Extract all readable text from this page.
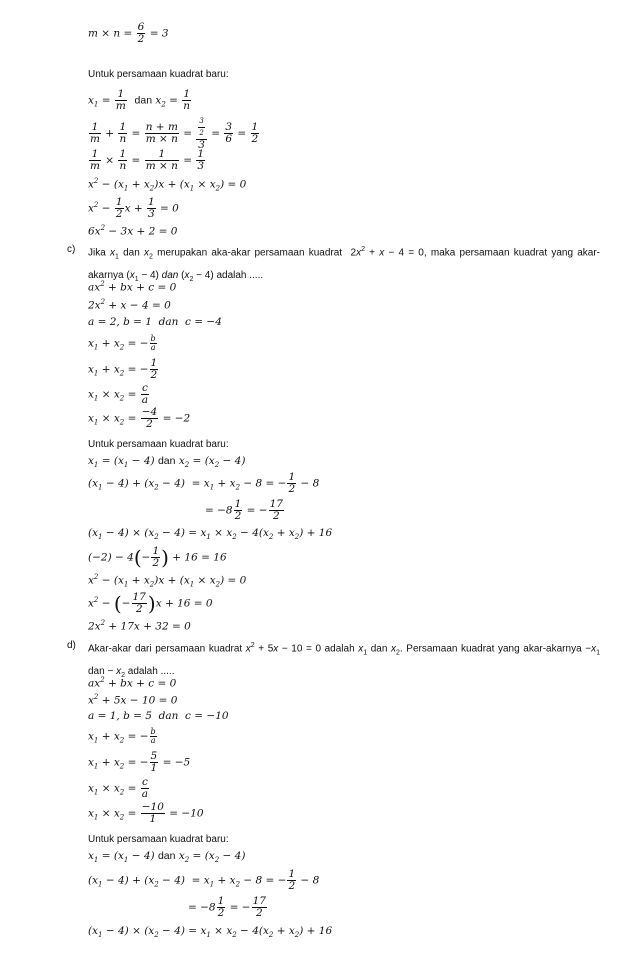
$m \times n = \frac{6}{2} = 3$
Untuk persamaan kuadrat baru:
$x_1 = \frac{1}{m}$ dan $x_2 = \frac{1}{n}$
$\frac{1}{m} + \frac{1}{n} = \frac{n + m}{m \times n} = \frac{\frac{3}{2}}{3} = \frac{3}{6} = \frac{1}{2}$
$\frac{1}{m} \times \frac{1}{n} = \frac{1}{m \times n} = \frac{1}{3}$
$x^2 - (x_1 + x_2)x + (x_1 \times x_2) = 0$
$x^2 - \frac{1}{2}$ $x + \frac{1}{3} = 0$
$6x^2 - 3x + 2 = 0$
$ax^2$ + bx + c = 0
$2x^2 + x - 4 = 0$
a = 2, b = 1  dan  c = −4
$x_1 + x_2$ = − $\frac{b}{a}$
$x_1 + x_2$ = − $\frac{1}{2}$
$x_1 \times x_2 = \frac{c}{a}$
$x_1 \times x_2 = \frac{-4}{2} = -2$
Untuk persamaan kuadrat baru:
$x_1 = (x_1 - 4)$ dan $x_2 = (x_2 - 4)$
$(x_1 - 4) + (x_2 - 4) = x_1 + x_2 - 8$ = − $\frac{1}{2} - 8$
= $-8 \frac{1}{2}$ = − $\frac{17}{2}$
$(x_1 - 4) \times (x_2 - 4) = x_1 \times x_2 - 4(x_2 + x_2) + 16$
$(-2) - 4(- \frac{1}{2}$ ) + 16 = 16
$x^2 - (x_1 + x_2)x + (x_1 \times x_2) = 0$
$x^2$ − (− $\frac{17}{2} )x + 16 = 0$
$2x^2 + 17x + 32 = 0$
$ax^2$ + bx + c = 0
$x^2 + 5x - 10 = 0$
a = 1, b = 5  dan  c = −10
$x_1 + x_2$ = − $\frac{b}{a}$
$x_1 + x_2$ = − $\frac{5}{1} = -5$
$x_1 \times x_2 = \frac{c}{a}$
$x_1 \times x_2 = \frac{-10}{1} = -10$
Untuk persamaan kuadrat baru:
$x_1 = (x_1 - 4)$ dan $x_2 = (x_2 - 4)$
$(x_1 - 4) + (x_2 - 4) = x_1 + x_2 - 8$ = − $\frac{1}{2} - 8$
= $-8 \frac{1}{2}$ = − $\frac{17}{2}$
$(x_1 - 4) \times (x_2 - 4) = x_1 \times x_2 - 4(x_2 + x_2) + 16$
c) Jika $x_1$ dan $x_2$ merupakan aka-akar persamaan kuadrat  $2x^2 + x - 4 = 0$, maka persamaan kuadrat yang akar-akarnya $(x_1 - 4)$ dan $(x_2 - 4)$ adalah .....
d) Akar-akar dari persamaan kuadrat $x^2 + 5x - 10 = 0$ adalah $x_1$ dan $x_2$. Persamaan kuadrat yang akar-akarnya $-x_1$ dan − $x_2$ adalah .....
